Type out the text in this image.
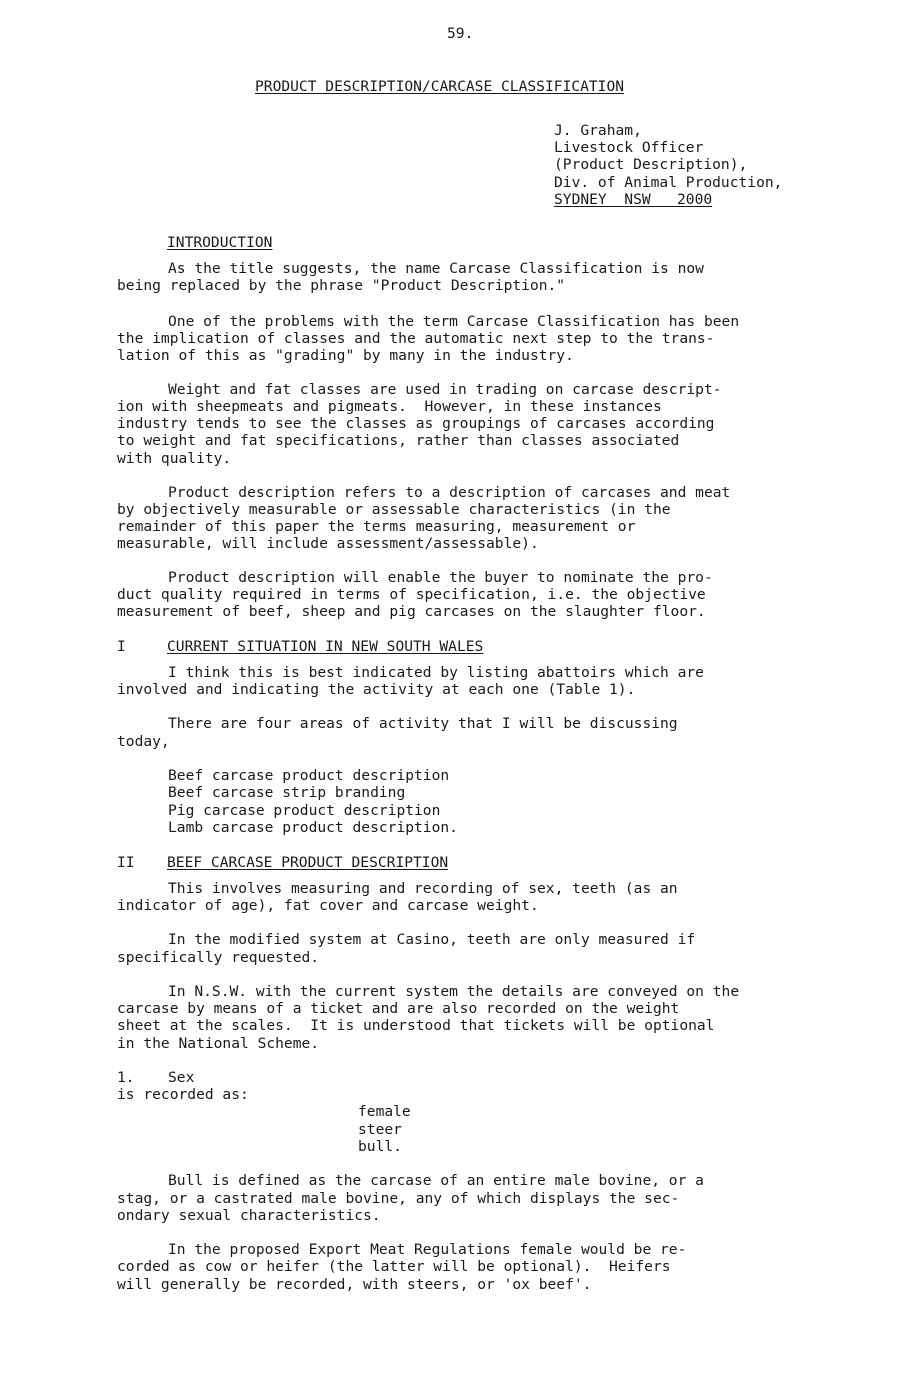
59.
PRODUCT DESCRIPTION/CARCASE CLASSIFICATION
J. Graham,
Livestock Officer
(Product Description),
Div. of Animal Production,
SYDNEY NSW 2000
INTRODUCTION
As the title suggests, the name Carcase Classification is now
being replaced by the phrase "Product Description."
One of the problems with the term Carcase Classification has been
the implication of classes and the automatic next step to the trans-
lation of this as "grading" by many in the industry.
Weight and fat classes are used in trading on carcase descript-
ion with sheepmeats and pigmeats.  However, in these instances
industry tends to see the classes as groupings of carcases according
to weight and fat specifications, rather than classes associated
with quality.
Product description refers to a description of carcases and meat
by objectively measurable or assessable characteristics (in the
remainder of this paper the terms measuring, measurement or
measurable, will include assessment/assessable).
Product description will enable the buyer to nominate the pro-
duct quality required in terms of specification, i.e. the objective
measurement of beef, sheep and pig carcases on the slaughter floor.
I	CURRENT SITUATION IN NEW SOUTH WALES
I think this is best indicated by listing abattoirs which are
involved and indicating the activity at each one (Table 1).
There are four areas of activity that I will be discussing
today,
Beef carcase product description
Beef carcase strip branding
Pig carcase product description
Lamb carcase product description.
II BEEF CARCASE PRODUCT DESCRIPTION
This involves measuring and recording of sex, teeth (as an
indicator of age), fat cover and carcase weight.
In the modified system at Casino, teeth are only measured if
specifically requested.
In N.S.W. with the current system the details are conveyed on the
carcase by means of a ticket and are also recorded on the weight
sheet at the scales.  It is understood that tickets will be optional
in the National Scheme.
1. Sex
is recorded as:
female
steer
bull.
Bull is defined as the carcase of an entire male bovine, or a
stag, or a castrated male bovine, any of which displays the sec-
ondary sexual characteristics.
In the proposed Export Meat Regulations female would be re-
corded as cow or heifer (the latter will be optional).  Heifers
will generally be recorded, with steers, or 'ox beef'.
